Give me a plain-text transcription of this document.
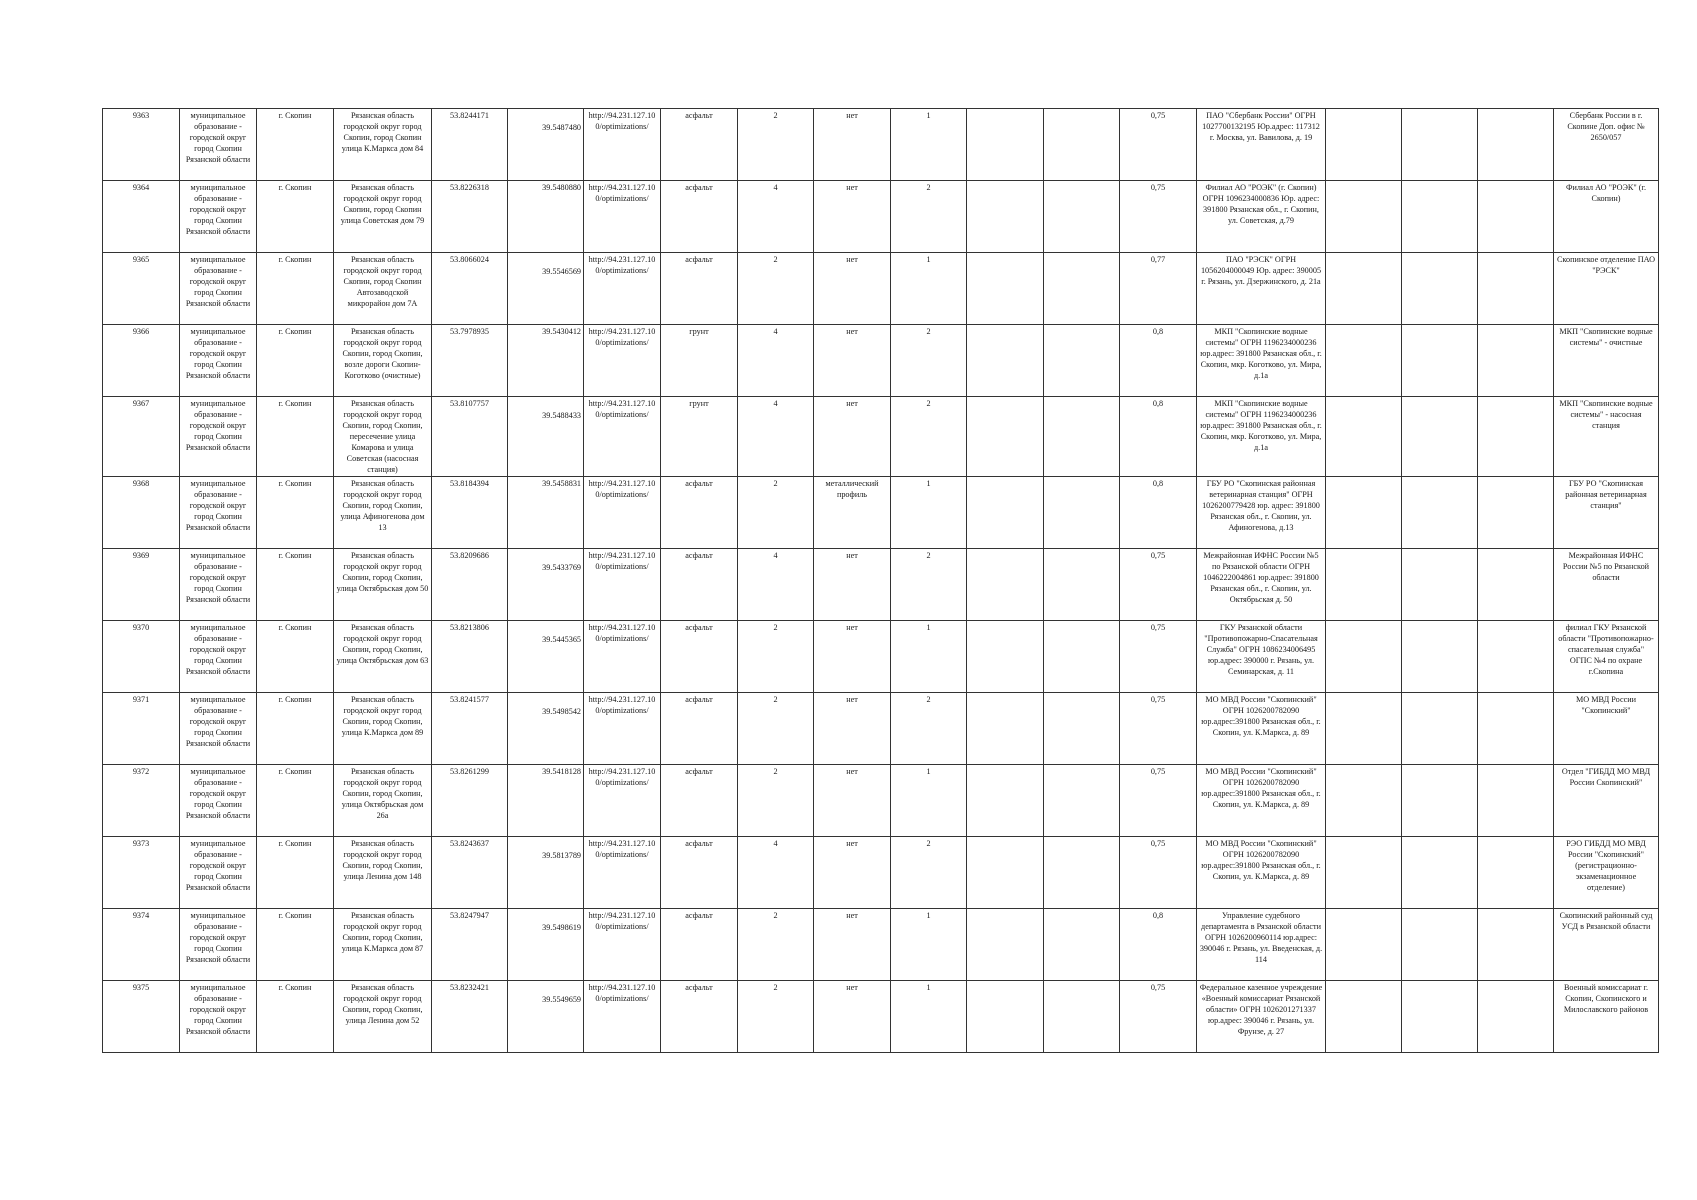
9363	муниципальное образование - городской округ город Скопин Рязанской области	г. Скопин	Рязанская область городской округ город Скопин, город Скопин улица К.Маркса дом 84	53.8244171	39.5487480	http://94.231.127.10 0/optimizations/	асфальт	2	нет	1			0,75	ПАО "Сбербанк России" ОГРН 1027700132195 Юр.адрес: 117312 г. Москва, ул. Вавилова, д. 19				Сбербанк России в г. Скопине Доп. офис № 2650/057
9364	муниципальное образование - городской округ город Скопин Рязанской области	г. Скопин	Рязанская область городской округ город Скопин, город Скопин улица Советская дом 79	53.8226318	39.5480880	http://94.231.127.10 0/optimizations/	асфальт	4	нет	2			0,75	Филиал АО "РОЭК" (г. Скопин) ОГРН 1096234000836 Юр. адрес: 391800 Рязанская обл., г. Скопин, ул. Советская, д.79				Филиал АО "РОЭК" (г. Скопин)
9365	муниципальное образование - городской округ город Скопин Рязанской области	г. Скопин	Рязанская область городской округ город Скопин, город Скопин Автозаводской микрорайон дом 7А	53.8066024	39.5546569	http://94.231.127.10 0/optimizations/	асфальт	2	нет	1			0,77	ПАО "РЭСК" ОГРН 1056204000049 Юр. адрес: 390005 г. Рязань, ул. Дзержинского, д. 21а				Скопинское отделение ПАО "РЭСК"
9366	муниципальное образование - городской округ город Скопин Рязанской области	г. Скопин	Рязанская область городской округ город Скопин, город Скопин, возле дороги Скопин-Коготково (очистные)	53.7978935	39.5430412	http://94.231.127.10 0/optimizations/	грунт	4	нет	2			0,8	МКП "Скопинские водные системы" ОГРН 1196234000236 юр.адрес: 391800 Рязанская обл., г. Скопин, мкр. Коготково, ул. Мира, д.1а				МКП "Скопинские водные системы" - очистные
9367	муниципальное образование - городской округ город Скопин Рязанской области	г. Скопин	Рязанская область городской округ город Скопин, город Скопин, пересечение улица Комарова и улица Советская (насосная станция)	53.8107757	39.5488433	http://94.231.127.10 0/optimizations/	грунт	4	нет	2			0,8	МКП "Скопинские водные системы" ОГРН 1196234000236 юр.адрес: 391800 Рязанская обл., г. Скопин, мкр. Коготково, ул. Мира, д.1а				МКП "Скопинские водные системы" - насосная станция
9368	муниципальное образование - городской округ город Скопин Рязанской области	г. Скопин	Рязанская область городской округ город Скопин, город Скопин, улица Афиногенова дом 13	53.8184394	39.5458831	http://94.231.127.10 0/optimizations/	асфальт	2	металлический профиль	1			0,8	ГБУ РО "Скопинская районная ветеринарная станция" ОГРН 1026200779428 юр. адрес: 391800 Рязанская обл., г. Скопин, ул. Афиногенова, д.13				ГБУ РО "Скопинская районная ветеринарная станция"
9369	муниципальное образование - городской округ город Скопин Рязанской области	г. Скопин	Рязанская область городской округ город Скопин, город Скопин, улица Октябрьская дом 50	53.8209686	39.5433769	http://94.231.127.10 0/optimizations/	асфальт	4	нет	2			0,75	Межрайонная ИФНС России №5 по Рязанской области ОГРН 1046222004861 юр.адрес: 391800 Рязанская обл., г. Скопин, ул. Октябрьская д. 50				Межрайонная ИФНС России №5 по Рязанской области
9370	муниципальное образование - городской округ город Скопин Рязанской области	г. Скопин	Рязанская область городской округ город Скопин, город Скопин, улица Октябрьская дом 63	53.8213806	39.5445365	http://94.231.127.10 0/optimizations/	асфальт	2	нет	1			0,75	ГКУ Рязанской области "Противопожарно-Спасательная Служба" ОГРН 1086234006495 юр.адрес: 390000 г. Рязань, ул. Семинарская, д. 11				филиал ГКУ Рязанской области "Противопожарно-спасательная служба" ОГПС №4 по охране г.Скопина
9371	муниципальное образование - городской округ город Скопин Рязанской области	г. Скопин	Рязанская область городской округ город Скопин, город Скопин, улица К.Маркса дом 89	53.8241577	39.5498542	http://94.231.127.10 0/optimizations/	асфальт	2	нет	2			0,75	МО МВД России "Скопинский" ОГРН 1026200782090 юр.адрес:391800 Рязанская обл., г. Скопин, ул. К.Маркса, д. 89				МО МВД России "Скопинский"
9372	муниципальное образование - городской округ город Скопин Рязанской области	г. Скопин	Рязанская область городской округ город Скопин, город Скопин, улица Октябрьская дом 26а	53.8261299	39.5418128	http://94.231.127.10 0/optimizations/	асфальт	2	нет	1			0,75	МО МВД России "Скопинский" ОГРН 1026200782090 юр.адрес:391800 Рязанская обл., г. Скопин, ул. К.Маркса, д. 89				Отдел "ГИБДД МО МВД России Скопинский"
9373	муниципальное образование - городской округ город Скопин Рязанской области	г. Скопин	Рязанская область городской округ город Скопин, город Скопин, улица Ленина дом 148	53.8243637	39.5813789	http://94.231.127.10 0/optimizations/	асфальт	4	нет	2			0,75	МО МВД России "Скопинский" ОГРН 1026200782090 юр.адрес:391800 Рязанская обл., г. Скопин, ул. К.Маркса, д. 89				РЭО ГИБДД МО МВД России "Скопинский" (регистрационно-экзаменационное отделение)
9374	муниципальное образование - городской округ город Скопин Рязанской области	г. Скопин	Рязанская область городской округ город Скопин, город Скопин, улица К.Маркса дом 87	53.8247947	39.5498619	http://94.231.127.10 0/optimizations/	асфальт	2	нет	1			0,8	Управление судебного департамента в Рязанской области ОГРН 1026200960114 юр.адрес: 390046 г. Рязань, ул. Введенская, д. 114				Скопинский районный суд УСД в Рязанской области
9375	муниципальное образование - городской округ город Скопин Рязанской области	г. Скопин	Рязанская область городской округ город Скопин, город Скопин, улица Ленина дом 52	53.8232421	39.5549659	http://94.231.127.10 0/optimizations/	асфальт	2	нет	1			0,75	Федеральное казенное учреждение «Военный комиссариат Рязанской области» ОГРН 1026201271337 юр.адрес: 390046 г. Рязань, ул. Фрунзе, д. 27				Военный комиссариат г. Скопин, Скопинского и Милославского районов
